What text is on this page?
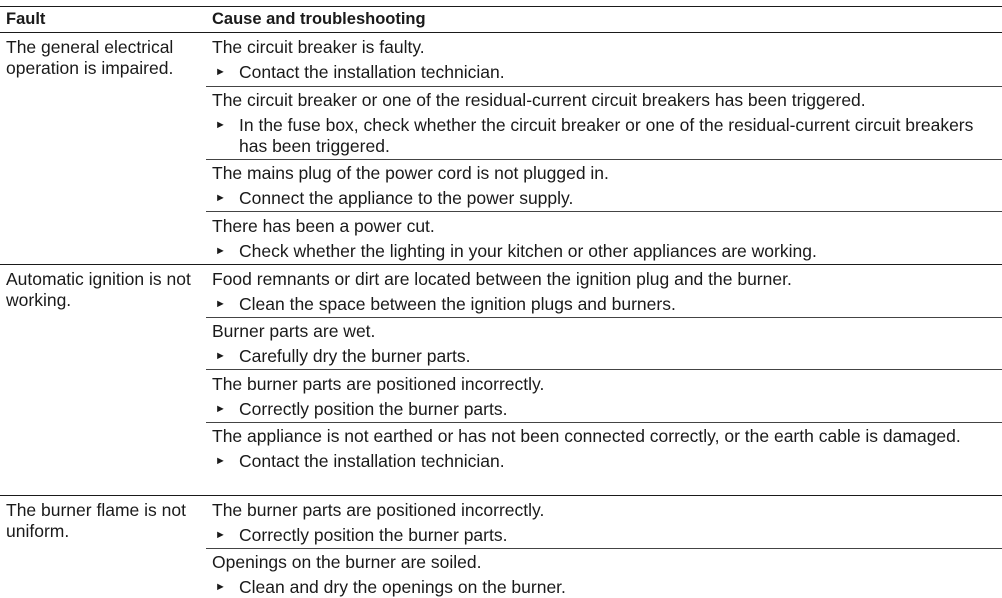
Fault	Cause and troubleshooting
The general electrical operation is impaired.
The circuit breaker is faulty.
► Contact the installation technician.
The circuit breaker or one of the residual-current circuit breakers has been triggered.
► In the fuse box, check whether the circuit breaker or one of the residual-current circuit breakers has been triggered.
The mains plug of the power cord is not plugged in.
► Connect the appliance to the power supply.
There has been a power cut.
► Check whether the lighting in your kitchen or other appliances are working.
Automatic ignition is not working.
Food remnants or dirt are located between the ignition plug and the burner.
► Clean the space between the ignition plugs and burners.
Burner parts are wet.
► Carefully dry the burner parts.
The burner parts are positioned incorrectly.
► Correctly position the burner parts.
The appliance is not earthed or has not been connected correctly, or the earth cable is damaged.
► Contact the installation technician.
The burner flame is not uniform.
The burner parts are positioned incorrectly.
► Correctly position the burner parts.
Openings on the burner are soiled.
► Clean and dry the openings on the burner.
